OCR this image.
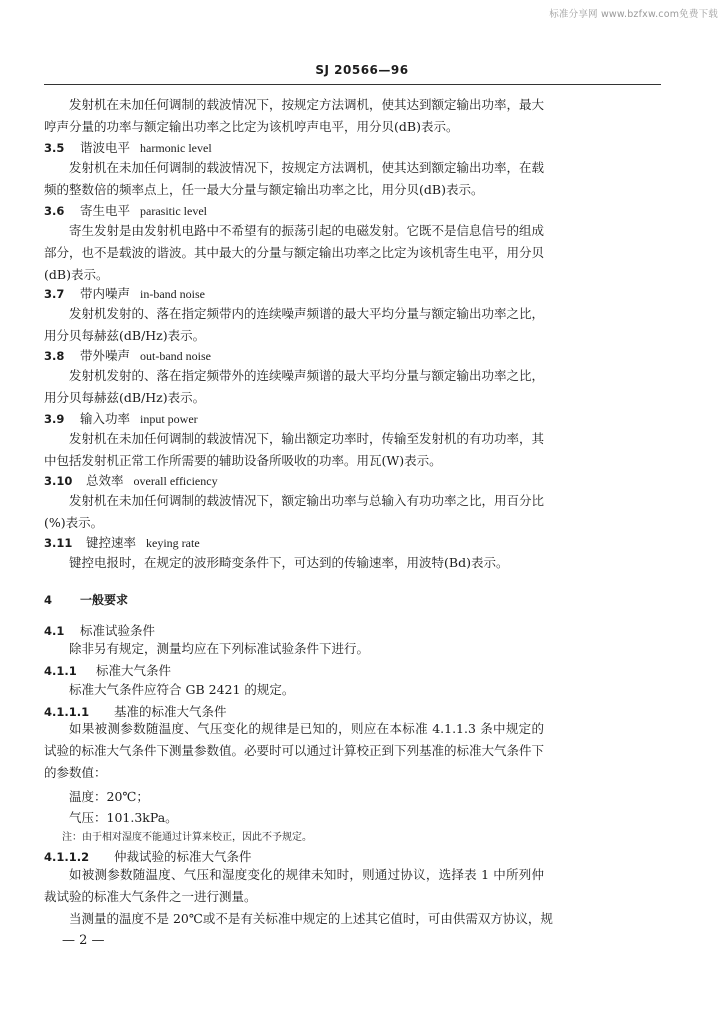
标准分享网 www.bzfxw.com免费下载
SJ 20566—96
发射机在未加任何调制的载波情况下，按规定方法调机，使其达到额定输出功率，最大哼声分量的功率与额定输出功率之比定为该机哼声电平，用分贝(dB)表示。
3.5 谐波电平 harmonic level
发射机在未加任何调制的载波情况下，按规定方法调机，使其达到额定输出功率，在载频的整数倍的频率点上，任一最大分量与额定输出功率之比，用分贝(dB)表示。
3.6 寄生电平 parasitic level
寄生发射是由发射机电路中不希望有的振荡引起的电磁发射。它既不是信息信号的组成部分，也不是载波的谐波。其中最大的分量与额定输出功率之比定为该机寄生电平，用分贝(dB)表示。
3.7 带内噪声 in-band noise
发射机发射的、落在指定频带内的连续噪声频谱的最大平均分量与额定输出功率之比，用分贝每赫兹(dB/Hz)表示。
3.8 带外噪声 out-band noise
发射机发射的、落在指定频带外的连续噪声频谱的最大平均分量与额定输出功率之比，用分贝每赫兹(dB/Hz)表示。
3.9 输入功率 input power
发射机在未加任何调制的载波情况下，输出额定功率时，传输至发射机的有功功率，其中包括发射机正常工作所需要的辅助设备所吸收的功率。用瓦(W)表示。
3.10 总效率 overall efficiency
发射机在未加任何调制的载波情况下，额定输出功率与总输入有功功率之比，用百分比(%)表示。
3.11 键控速率 keying rate
键控电报时，在规定的波形畸变条件下，可达到的传输速率，用波特(Bd)表示。
4 一般要求
4.1 标准试验条件
除非另有规定，测量均应在下列标准试验条件下进行。
4.1.1 标准大气条件
标准大气条件应符合 GB 2421 的规定。
4.1.1.1 基准的标准大气条件
如果被测参数随温度、气压变化的规律是已知的，则应在本标准 4.1.1.3 条中规定的试验的标准大气条件下测量参数值。必要时可以通过计算校正到下列基准的标准大气条件下的参数值：
温度：20℃；
气压：101.3kPa。
注：由于相对湿度不能通过计算来校正，因此不予规定。
4.1.1.2 仲裁试验的标准大气条件
如被测参数随温度、气压和湿度变化的规律未知时，则通过协议，选择表 1 中所列仲裁试验的标准大气条件之一进行测量。
当测量的温度不是 20℃或不是有关标准中规定的上述其它值时，可由供需双方协议，规
— 2 —
